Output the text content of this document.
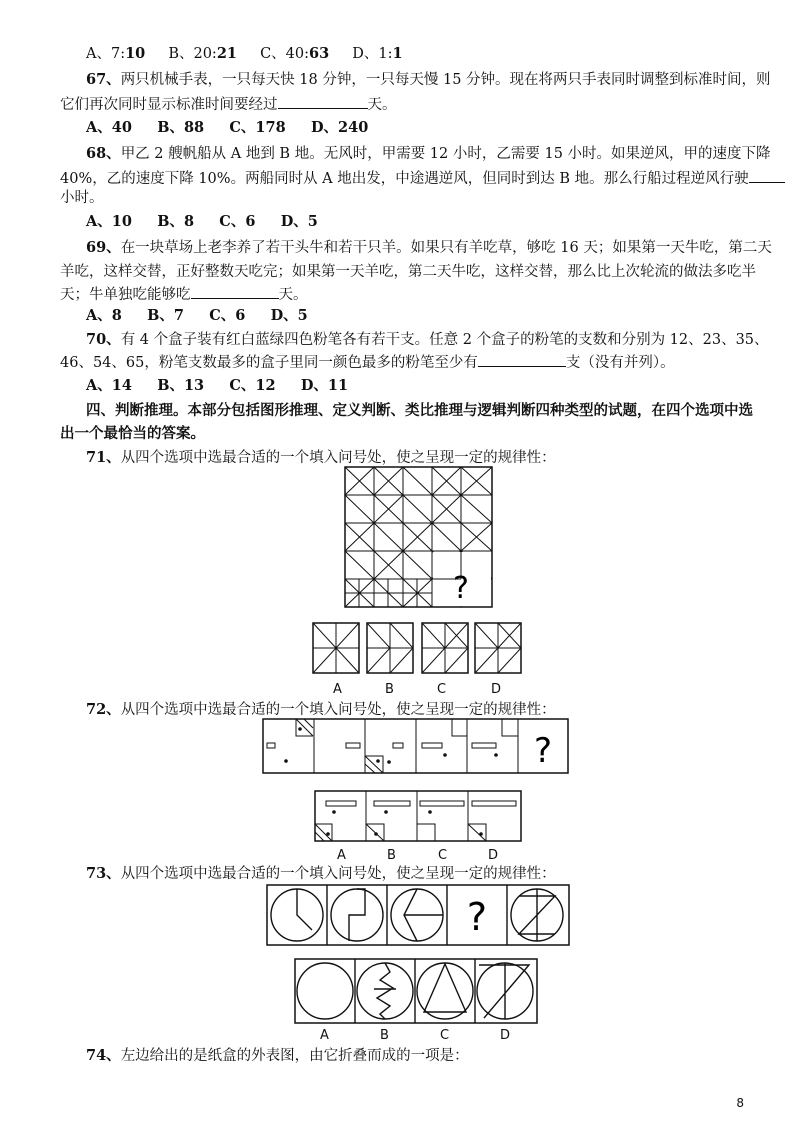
A、7:10 B、20:21 C、40:63 D、1:1
67、两只机械手表，一只每天快 18 分钟，一只每天慢 15 分钟。现在将两只手表同时调整到标准时间，则
它们再次同时显示标准时间要经过	天。
A、40 B、88 C、178 D、240
68、甲乙 2 艘帆船从 A 地到 B 地。无风时，甲需要 12 小时，乙需要 15 小时。如果逆风，甲的速度下降
40%，乙的速度下降 10%。两船同时从 A 地出发，中途遇逆风，但同时到达 B 地。那么行船过程逆风行驶
小时。
A、10 B、8 C、6 D、5
69、在一块草场上老李养了若干头牛和若干只羊。如果只有羊吃草，够吃 16 天；如果第一天牛吃，第二天
羊吃，这样交替，正好整数天吃完；如果第一天羊吃，第二天牛吃，这样交替，那么比上次轮流的做法多吃半
天；牛单独吃能够吃	天。
A、8 B、7 C、6 D、5
70、有 4 个盒子装有红白蓝绿四色粉笔各有若干支。任意 2 个盒子的粉笔的支数和分别为 12、23、35、
46、54、65，粉笔支数最多的盒子里同一颜色最多的粉笔至少有	支（没有并列）。
A、14 B、13 C、12 D、11
四、判断推理。本部分包括图形推理、定义判断、类比推理与逻辑判断四种类型的试题，在四个选项中选
出一个最恰当的答案。
71、从四个选项中选最合适的一个填入问号处，使之呈现一定的规律性：
?
A	B	C	D
72、从四个选项中选最合适的一个填入问号处，使之呈现一定的规律性：
?
A	B	C	D
73、从四个选项中选最合适的一个填入问号处，使之呈现一定的规律性：
?
A	B	C	D
74、左边给出的是纸盒的外表图，由它折叠而成的一项是：
8
